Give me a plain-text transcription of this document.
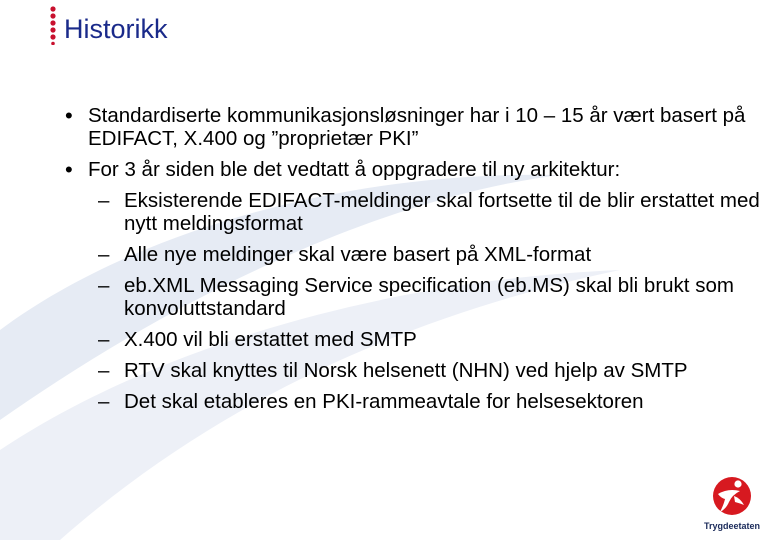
Historikk
• Standardiserte kommunikasjonsløsninger har i 10 – 15 år vært basert på EDIFACT, X.400 og ”proprietær PKI”
• For 3 år siden ble det vedtatt å oppgradere til ny arkitektur:
– Eksisterende EDIFACT-meldinger skal fortsette til de blir erstattet med nytt meldingsformat
– Alle nye meldinger skal være basert på XML-format
– eb.XML Messaging Service specification (eb.MS) skal bli brukt som konvoluttstandard
– X.400 vil bli erstattet med SMTP
– RTV skal knyttes til Norsk helsenett (NHN) ved hjelp av SMTP
– Det skal etableres en PKI-rammeavtale for helsesektoren
Trygdeetaten
